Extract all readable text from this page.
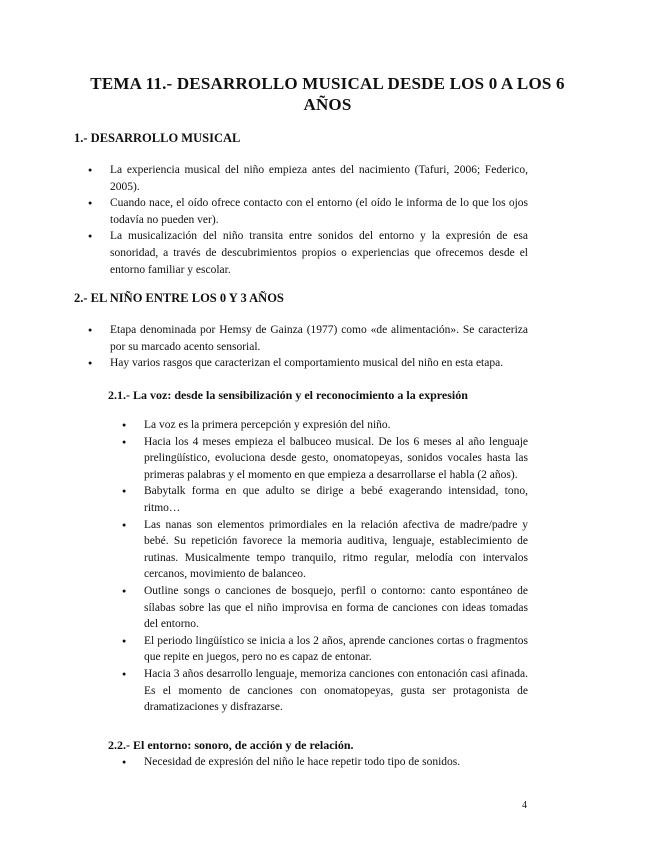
TEMA 11.- DESARROLLO MUSICAL DESDE LOS 0 A LOS 6 AÑOS
1.- DESARROLLO MUSICAL
● La experiencia musical del niño empieza antes del nacimiento (Tafuri, 2006; Federico, 2005).
● Cuando nace, el oído ofrece contacto con el entorno (el oído le informa de lo que los ojos todavía no pueden ver).
● La musicalización del niño transita entre sonidos del entorno y la expresión de esa sonoridad, a través de descubrimientos propios o experiencias que ofrecemos desde el entorno familiar y escolar.
2.- EL NIÑO ENTRE LOS 0 Y 3 AÑOS
● Etapa denominada por Hemsy de Gainza (1977) como «de alimentación». Se caracteriza por su marcado acento sensorial.
● Hay varios rasgos que caracterizan el comportamiento musical del niño en esta etapa.
2.1.- La voz: desde la sensibilización y el reconocimiento a la expresión
● La voz es la primera percepción y expresión del niño.
● Hacia los 4 meses empieza el balbuceo musical. De los 6 meses al año lenguaje prelingüístico, evoluciona desde gesto, onomatopeyas, sonidos vocales hasta las primeras palabras y el momento en que empieza a desarrollarse el habla (2 años).
● Babytalk forma en que adulto se dirige a bebé exagerando intensidad, tono, ritmo…
● Las nanas son elementos primordiales en la relación afectiva de madre/padre y bebé. Su repetición favorece la memoria auditiva, lenguaje, establecimiento de rutinas. Musicalmente tempo tranquilo, ritmo regular, melodía con intervalos cercanos, movimiento de balanceo.
● Outline songs o canciones de bosquejo, perfil o contorno: canto espontáneo de sílabas sobre las que el niño improvisa en forma de canciones con ideas tomadas del entorno.
● El periodo lingüístico se inicia a los 2 años, aprende canciones cortas o fragmentos que repite en juegos, pero no es capaz de entonar.
● Hacia 3 años desarrollo lenguaje, memoriza canciones con entonación casi afinada. Es el momento de canciones con onomatopeyas, gusta ser protagonista de dramatizaciones y disfrazarse.
2.2.- El entorno: sonoro, de acción y de relación.
● Necesidad de expresión del niño le hace repetir todo tipo de sonidos.
4
